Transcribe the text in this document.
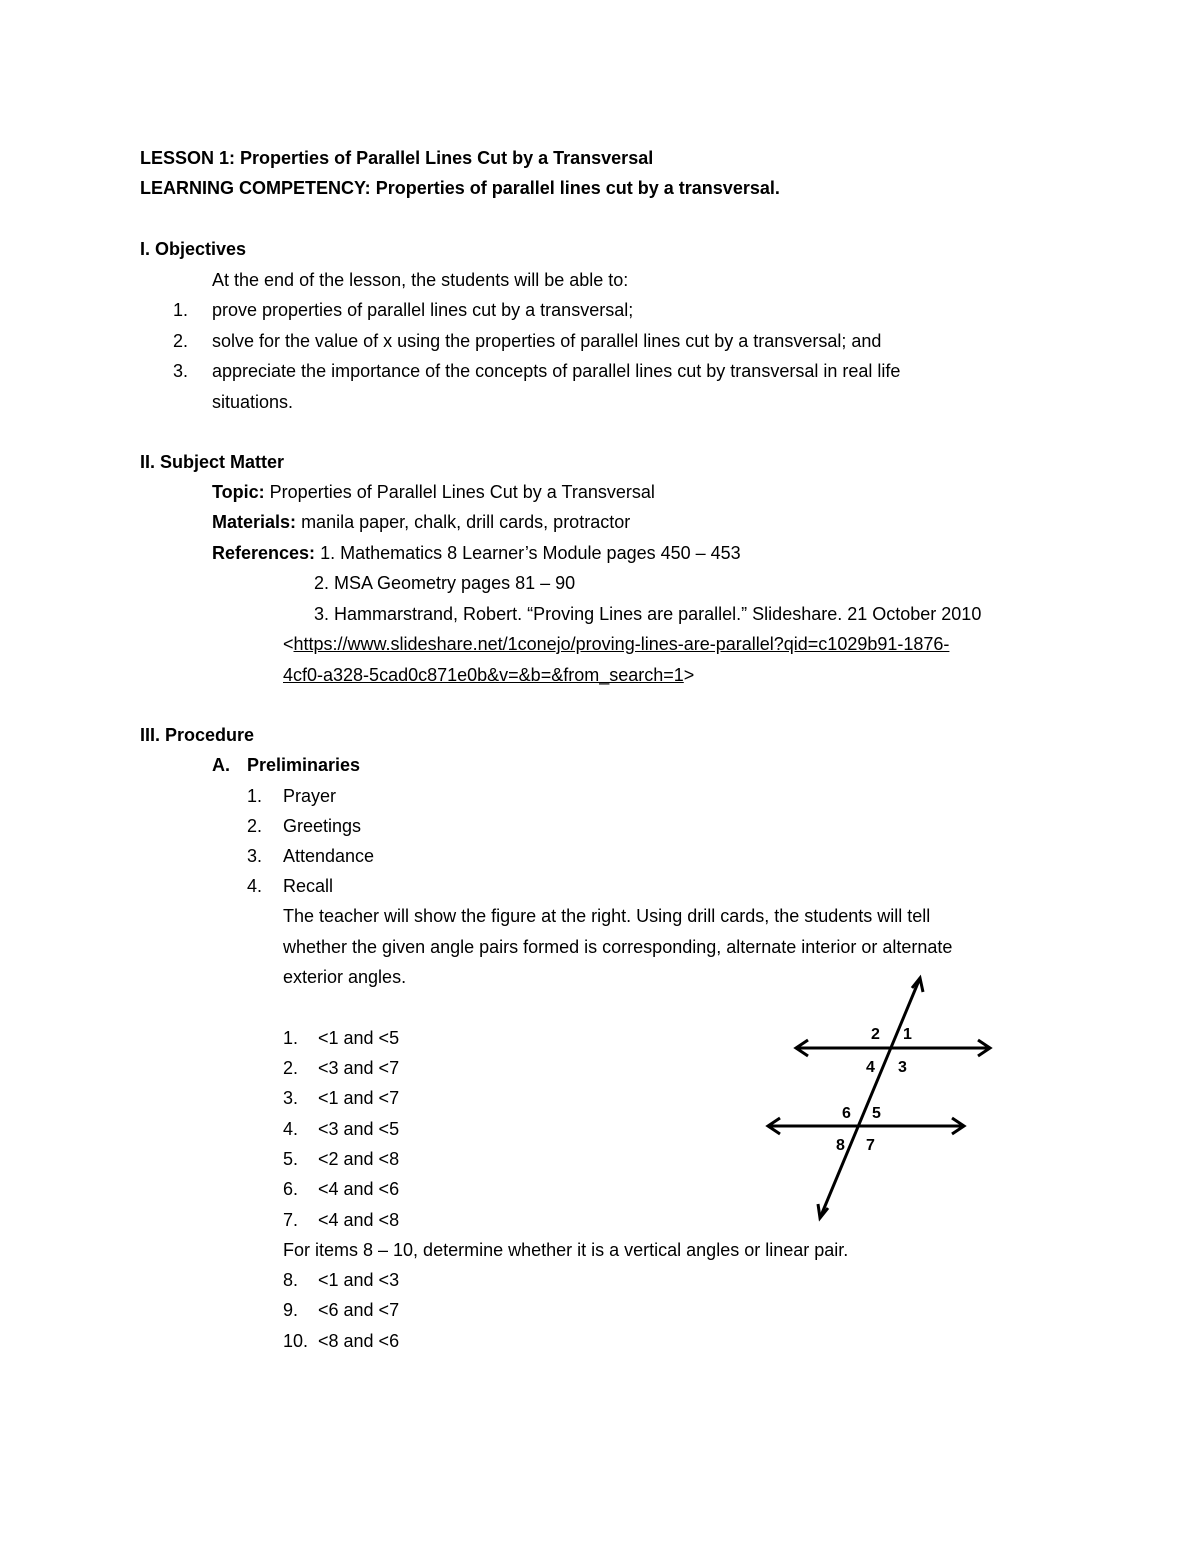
LESSON 1: Properties of Parallel Lines Cut by a Transversal
LEARNING COMPETENCY: Properties of parallel lines cut by a transversal.
I. Objectives
At the end of the lesson, the students will be able to:
1. prove properties of parallel lines cut by a transversal;
2. solve for the value of x using the properties of parallel lines cut by a transversal; and
3. appreciate the importance of the concepts of parallel lines cut by transversal in real life
situations.
II. Subject Matter
Topic: Properties of Parallel Lines Cut by a Transversal
Materials: manila paper, chalk, drill cards, protractor
References: 1. Mathematics 8 Learner’s Module pages 450 – 453
2. MSA Geometry pages 81 – 90
3. Hammarstrand, Robert. “Proving Lines are parallel.” Slideshare. 21 October 2010
<https://www.slideshare.net/1conejo/proving-lines-are-parallel?qid=c1029b91-1876-
4cf0-a328-5cad0c871e0b&v=&b=&from_search=1>
III. Procedure
A. Preliminaries
1. Prayer
2. Greetings
3. Attendance
4. Recall
The teacher will show the figure at the right. Using drill cards, the students will tell
whether the given angle pairs formed is corresponding, alternate interior or alternate
exterior angles.
1. <1 and <5
2. <3 and <7
3. <1 and <7
4. <3 and <5
5. <2 and <8
6. <4 and <6
7. <4 and <8
For items 8 – 10, determine whether it is a vertical angles or linear pair.
8. <1 and <3
9. <6 and <7
10. <8 and <6
1
2
3
4
5
6
7
8
